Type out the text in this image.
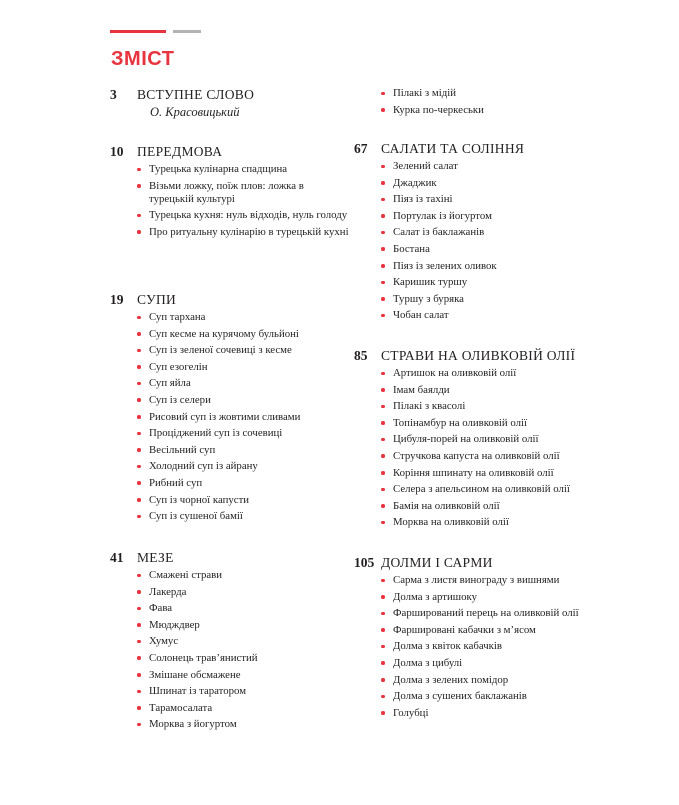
ЗМІСТ
3	ВСТУПНЕ СЛОВО
О. Красовицький
10	ПЕРЕДМОВА
Турецька кулінарна спадщина
Візьми ложку, поїж плов: ложка в турецькій культурі
Турецька кухня: нуль відходів, нуль голоду
Про ритуальну кулінарію в турецькій кухні
19	СУПИ
Суп тархана
Суп кесме на курячому бульйоні
Суп із зеленої сочевиці з кесме
Суп езогелін
Суп яйла
Суп із селери
Рисовий суп із жовтими сливами
Проціджений суп із сочевиці
Весільний суп
Холодний суп із айрану
Рибний суп
Суп із чорної капусти
Суп із сушеної бамії
41	МЕЗЕ
Смажені страви
Лакерда
Фава
Мюдждвер
Хумус
Солонець трав’янистий
Змішане обсмажене
Шпинат із таратором
Тарамосалата
Морква з йогуртом
Пілакі з мідій
Курка по-черкеськи
67	САЛАТИ ТА СОЛІННЯ
Зелений салат
Джаджик
Піяз із тахіні
Портулак із йогуртом
Салат із баклажанів
Бостана
Піяз із зелених оливок
Каришик туршу
Туршу з буряка
Чобан салат
85	СТРАВИ НА ОЛИВКОВІЙ ОЛІЇ
Артишок на оливковій олії
Імам баялди
Пілакі з квасолі
Топінамбур на оливковій олії
Цибуля-порей на оливковій олії
Стручкова капуста на оливковій олії
Коріння шпинату на оливковій олії
Селера з апельсином на оливковій олії
Бамія на оливковій олії
Морква на оливковій олії
105 ДОЛМИ І САРМИ
Сарма з листя винограду з вишнями
Долма з артишоку
Фарширований перець на оливковій олії
Фаршировані кабачки з м’ясом
Долма з квіток кабачків
Долма з цибулі
Долма з зелених помідор
Долма з сушених баклажанів
Голубці
